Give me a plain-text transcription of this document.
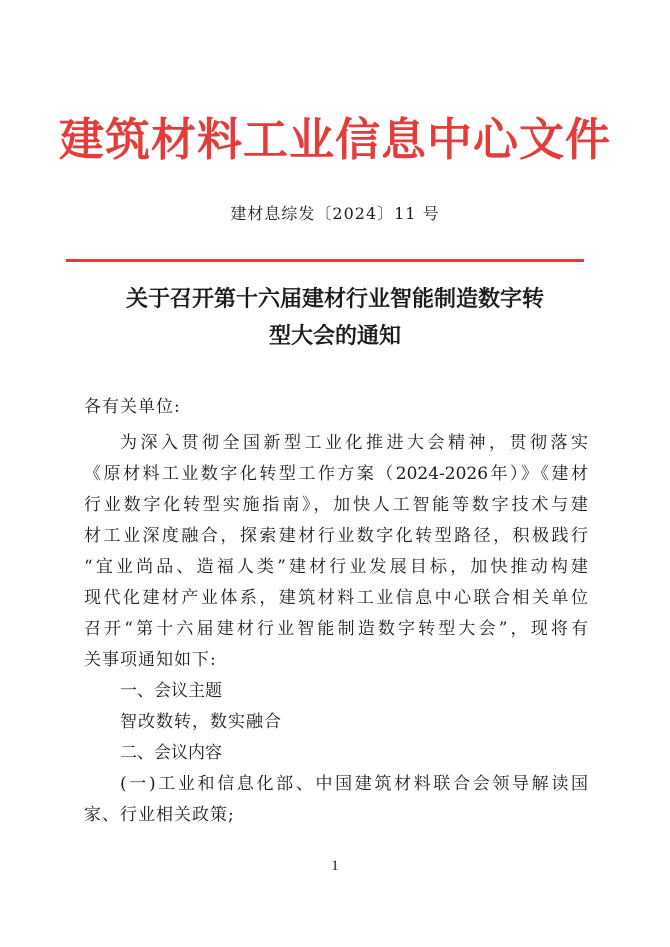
建筑材料工业信息中心文件
建材息综发〔2024〕11 号
关于召开第十六届建材行业智能制造数字转
型大会的通知
各有关单位:
为深入贯彻全国新型工业化推进大会精神，贯彻落实
《原材料工业数字化转型工作方案（2024-2026年）》《建材
行业数字化转型实施指南》，加快人工智能等数字技术与建
材工业深度融合，探索建材行业数字化转型路径，积极践行
“宜业尚品、造福人类”建材行业发展目标，加快推动构建
现代化建材产业体系，建筑材料工业信息中心联合相关单位
召开“第十六届建材行业智能制造数字转型大会”，现将有
关事项通知如下:
一、会议主题
智改数转，数实融合
二、会议内容
(一)工业和信息化部、中国建筑材料联合会领导解读国
家、行业相关政策;
1
